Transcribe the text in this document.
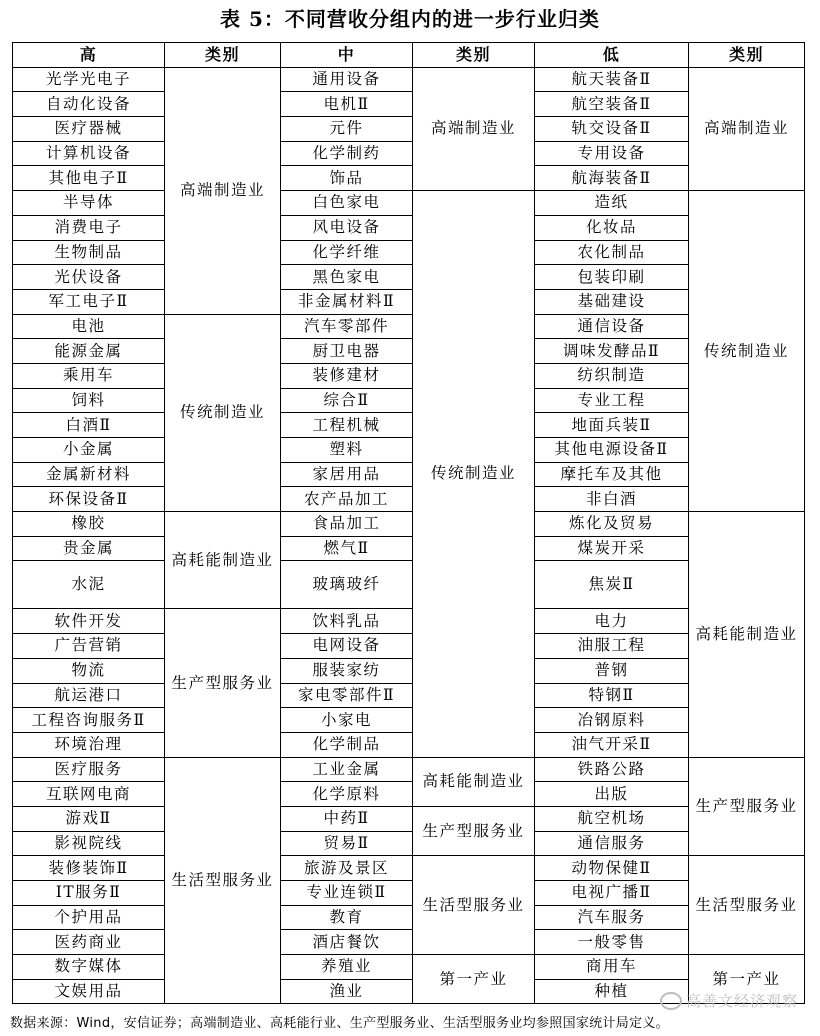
表 5：不同营收分组内的进一步行业归类
高	类别	中	类别	低	类别
光学光电子	高端制造业	通用设备	高端制造业	航天装备Ⅱ	高端制造业
自动化设备		电机Ⅱ		航空装备Ⅱ	
医疗器械		元件		轨交设备Ⅱ	
计算机设备		化学制药		专用设备	
其他电子Ⅱ		饰品		航海装备Ⅱ	
半导体		白色家电	传统制造业	造纸	传统制造业
消费电子		风电设备		化妆品	
生物制品		化学纤维		农化制品	
光伏设备		黑色家电		包装印刷	
军工电子Ⅱ		非金属材料Ⅱ		基础建设	
电池	传统制造业	汽车零部件		通信设备	
能源金属		厨卫电器		调味发酵品Ⅱ	
乘用车		装修建材		纺织制造	
饲料		综合Ⅱ		专业工程	
白酒Ⅱ		工程机械		地面兵装Ⅱ	
小金属		塑料		其他电源设备Ⅱ	
金属新材料		家居用品		摩托车及其他	
环保设备Ⅱ		农产品加工		非白酒	
橡胶	高耗能制造业	食品加工		炼化及贸易	高耗能制造业
贵金属		燃气Ⅱ		煤炭开采	
水泥		玻璃玻纤		焦炭Ⅱ	
软件开发	生产型服务业	饮料乳品		电力	
广告营销		电网设备		油服工程	
物流		服装家纺		普钢	
航运港口		家电零部件Ⅱ		特钢Ⅱ	
工程咨询服务Ⅱ		小家电		冶钢原料	
环境治理		化学制品		油气开采Ⅱ	
医疗服务	生活型服务业	工业金属	高耗能制造业	铁路公路	生产型服务业
互联网电商		化学原料		出版	
游戏Ⅱ		中药Ⅱ	生产型服务业	航空机场	
影视院线		贸易Ⅱ		通信服务	
装修装饰Ⅱ		旅游及景区	生活型服务业	动物保健Ⅱ	生活型服务业
IT服务Ⅱ		专业连锁Ⅱ		电视广播Ⅱ	
个护用品		教育		汽车服务	
医药商业		酒店餐饮		一般零售	
数字媒体		养殖业	第一产业	商用车	第一产业
文娱用品		渔业		种植	
高善文经济观察
数据来源：Wind，安信证券；高端制造业、高耗能行业、生产型服务业、生活型服务业均参照国家统计局定义。
